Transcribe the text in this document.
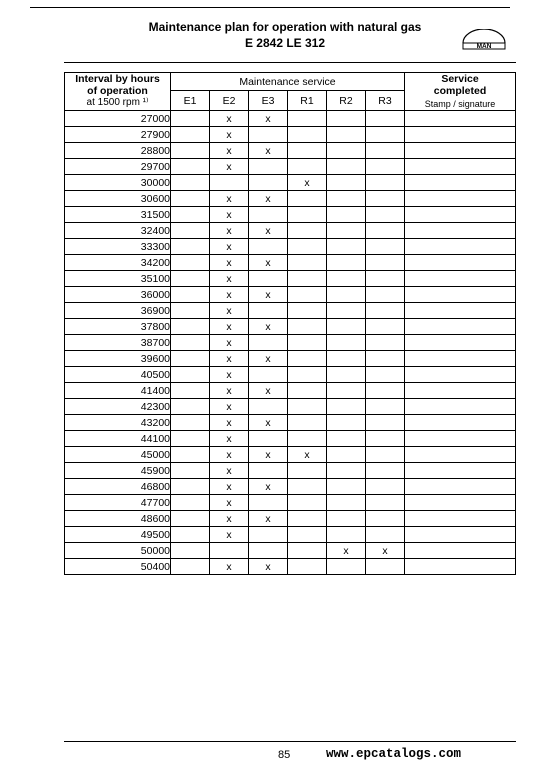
Maintenance plan for operation with natural gas
E 2842 LE 312	MAN
Interval by hours
of operation
at 1500 rpm ¹⁾	Maintenance service						Service
completed
Stamp / signature

	E1	E2	E3	R1	R2	R3	
27000		x	x				
27900		x					
28800		x	x				
29700		x					
30000				x			
30600		x	x				
31500		x					
32400		x	x				
33300		x					
34200		x	x				
35100		x					
36000		x	x				
36900		x					
37800		x	x				
38700		x					
39600		x	x				
40500		x					
41400		x	x				
42300		x					
43200		x	x				
44100		x					
45000		x	x	x			
45900		x					
46800		x	x				
47700		x					
48600		x	x				
49500		x					
50000					x	x	
50400		x	x				
85	www.epcatalogs.com
